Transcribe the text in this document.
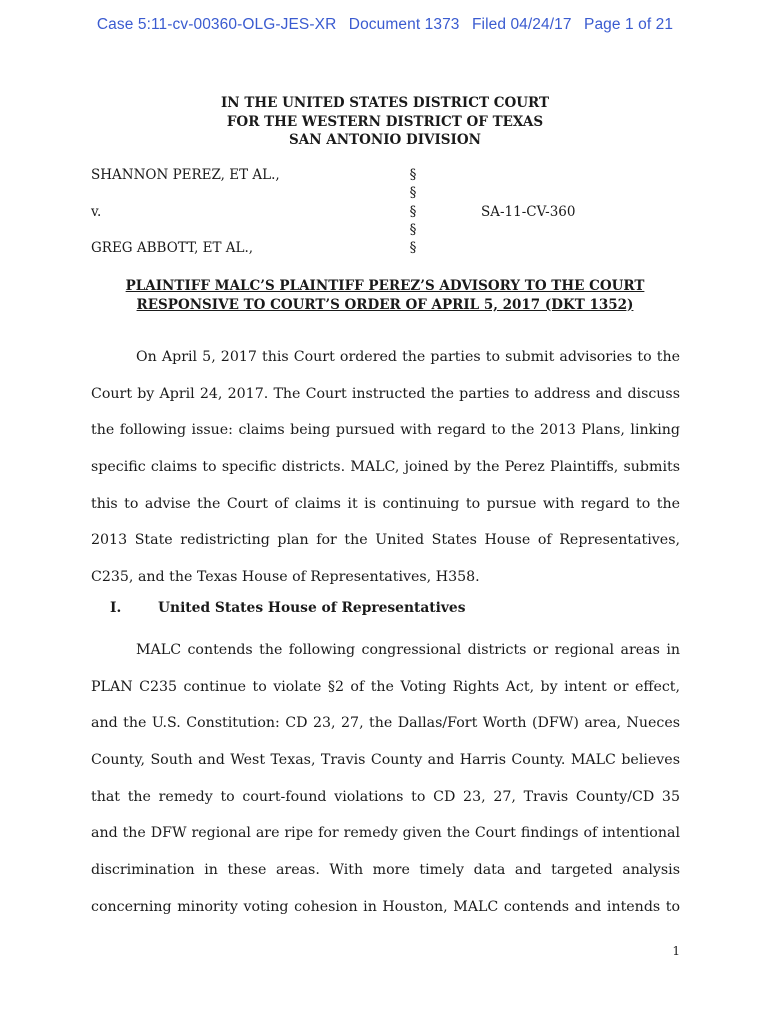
Case 5:11-cv-00360-OLG-JES-XR Document 1373 Filed 04/24/17 Page 1 of 21
IN THE UNITED STATES DISTRICT COURT
FOR THE WESTERN DISTRICT OF TEXAS
SAN ANTONIO DIVISION
SHANNON PEREZ, ET AL.,
v.
GREG ABBOTT, ET AL.,
§
§
§
§
§
SA-11-CV-360
PLAINTIFF MALC’S PLAINTIFF PEREZ’S ADVISORY TO THE COURT
RESPONSIVE TO COURT’S ORDER OF APRIL 5, 2017 (DKT 1352)
On April 5, 2017 this Court ordered the parties to submit advisories to the
Court by April 24, 2017. The Court instructed the parties to address and discuss
the following issue: claims being pursued with regard to the 2013 Plans, linking
specific claims to specific districts. MALC, joined by the Perez Plaintiffs, submits
this to advise the Court of claims it is continuing to pursue with regard to the
2013 State redistricting plan for the United States House of Representatives,
C235, and the Texas House of Representatives, H358.
I.	United States House of Representatives
MALC contends the following congressional districts or regional areas in
PLAN C235 continue to violate §2 of the Voting Rights Act, by intent or effect,
and the U.S. Constitution: CD 23, 27, the Dallas/Fort Worth (DFW) area, Nueces
County, South and West Texas, Travis County and Harris County. MALC believes
that the remedy to court-found violations to CD 23, 27, Travis County/CD 35
and the DFW regional are ripe for remedy given the Court findings of intentional
discrimination in these areas. With more timely data and targeted analysis
concerning minority voting cohesion in Houston, MALC contends and intends to
1
